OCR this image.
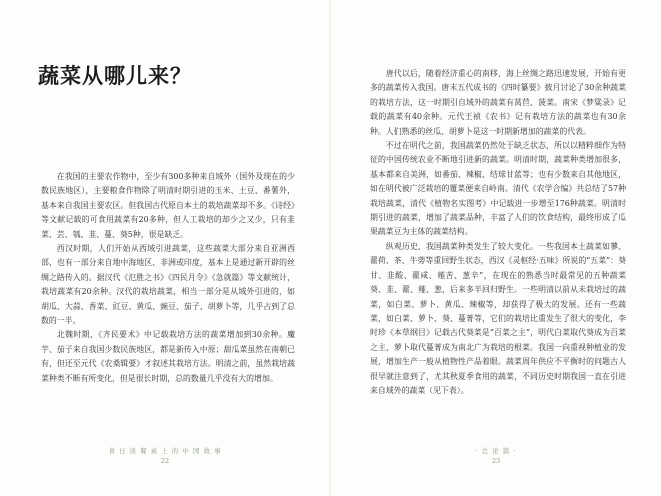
蔬菜从哪儿来？

在我国的主要农作物中，至少有300多种来自域外（国外及现在的少数民族地区），主要粮食作物除了明清时期引进的玉米、土豆、番薯外，基本来自我国主要农区。但我国古代原自本土的栽培蔬菜却不多。《诗经》等文献记载的可食用蔬菜有20多种，但人工栽培的却少之又少，只有韭菜、芸、瓠、韭、蔓、葵5种，很是缺乏。

西汉时期，人们开始从西域引进蔬菜，这些蔬菜大部分来自亚洲西部，也有一部分来自地中海地区、非洲或印度，基本上是通过新开辟的丝绸之路传入的。据汉代《氾胜之书》《四民月令》《急就篇》等文献统计，栽培蔬菜有20余种。汉代的栽培蔬菜，相当一部分是从域外引进的，如胡瓜、大蒜、香菜、豇豆、黄瓜、豌豆、茄子、胡萝卜等，几乎占到了总数的一半。

北魏时期，《齐民要术》中记载栽培方法的蔬菜增加到30余种。魔芋、茄子来自我国少数民族地区，都是新传入中原；甜瓜菜虽然在南朝已有，但还至元代《农桑辑要》才叙述其栽培方法。明清之前，虽然栽培蔬菜种类不断有所变化，但是很长时期，总的数量几乎没有大的增加。

唐代以后，随着经济重心的南移，海上丝绸之路迅速发展，开始有更多的蔬菜传入我国。唐末五代成书的《四时纂要》披月讨论了30余种蔬菜的栽培方法，这一时期引自域外的蔬菜有莴苣、菠菜。南宋《梦粱录》记载的蔬菜有40余种。元代王祯《农书》记有栽培方法的蔬菜也有30余种。人们熟悉的丝瓜、胡萝卜是这一时期新增加的蔬菜的代表。

不过在明代之前，我国蔬菜仍然处于缺乏状态，所以以精粹细作为特征的中国传统农业不断地引进新的蔬菜。明清时期，蔬菜种类增加很多，基本都来自美洲，如番茄、辣椒、结球甘蓝等；也有少数来自其他地区，如在明代被广泛栽培的覆菜便来自岭南。清代《农学合编》共总结了57种栽培蔬菜，清代《植物名实图考》中记载进一步增至176种蔬菜。明清时期引进的蔬菜，增加了蔬菜品种，丰富了人们的饮食结构，最终形成了瓜果蔬菜豆为主体的蔬菜结构。

纵观历史，我国蔬菜种类发生了较大变化。一些我国本土蔬菜如蓼、藿荷、茶、牛蒡等重回野生状态，西汉《灵枢经·五味》所说的“五菜”：葵甘、韭酸、藿咸、薤苦、葱辛”，在现在的熟悉当时最常见的五种蔬菜葵、韭、藿、薤、葱，后来多半回归野生。一些明清以前从未栽培过的蔬菜，如白菜、萝卜、黄瓜、辣椒等，却获得了极大的发展。还有一些蔬菜，如白菜、萝卜、葵、蔓菁等，它们的栽培比重发生了很大的变化，李时珍《本草纲目》记载古代葵菜是“百菜之主”，明代白菜取代葵成为百菜之主，萝卜取代蔓菁成为南北广为栽培的根菜。我国一向重视种植业的发展，增加生产一般从植物性产品着眼。蔬菜周年供应不平衡时的问题古人很早就注意到了，尤其秋夏季食用的蔬菜，不同历史时期我国一直在引进来自域外的蔬菜（见下表）。

食 日 谈 餐 桌 上 的 中 国 故 事
22
· 总 论 篇 ·
23
